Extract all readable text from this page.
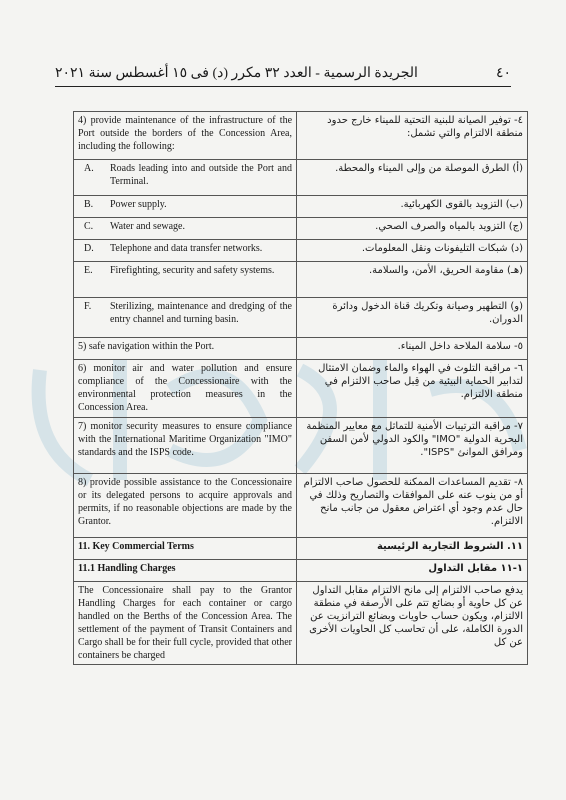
٤٠
الجريدة الرسمية - العدد ٣٢ مكرر (د) فى ١٥ أغسطس سنة ٢٠٢١
4) provide maintenance of the infrastructure of the Port outside the borders of the Concession Area, including the following:	٤- توفير الصيانة للبنية التحتية للميناء خارج حدود منطقة الالتزام والتي تشمل:

A. Roads leading into and outside the Port and Terminal.	(أ) الطرق الموصلة من وإلى الميناء والمحطة.

B. Power supply.	(ب) التزويد بالقوى الكهربائية.

C. Water and sewage.	(ج) التزويد بالمياه والصرف الصحي.

D. Telephone and data transfer networks.	(د) شبكات التليفونات ونقل المعلومات.

E. Firefighting, security and safety systems.	(هـ) مقاومة الحريق، الأمن، والسلامة.

F. Sterilizing, maintenance and dredging of the entry channel and turning basin.	(و) التطهير وصيانة وتكريك قناة الدخول ودائرة الدوران.
5) safe navigation within the Port.	٥- سلامة الملاحة داخل الميناء.
6) monitor air and water pollution and ensure compliance of the Concessionaire with the environmental protection measures in the Concession Area.	٦- مراقبة التلوث في الهواء والماء وضمان الامتثال لتدابير الحماية البيئية من قِبل صاحب الالتزام في منطقة الالتزام.
7) monitor security measures to ensure compliance with the International Maritime Organization "IMO" standards and the ISPS code.	٧- مراقبة الترتيبات الأمنية للتماثل مع معايير المنظمة البحرية الدولية "IMO" والكود الدولي لأمن السفن ومرافق الموانئ "ISPS".
8) provide possible assistance to the Concessionaire or its delegated persons to acquire approvals and permits, if no reasonable objections are made by the Grantor.	٨- تقديم المساعدات الممكنة للحصول صاحب الالتزام أو من ينوب عنه على الموافقات والتصاريح وذلك في حال عدم وجود أي اعتراض معقول من جانب مانح الالتزام.
11. Key Commercial Terms	١١. الشروط التجارية الرئيسية
11.1 Handling Charges	١-١١ مقابل التداول
The Concessionaire shall pay to the Grantor Handling Charges for each container or cargo handled on the Berths of the Concession Area. The settlement of the payment of Transit Containers and Cargo shall be for their full cycle, provided that other containers be charged	يدفع صاحب الالتزام إلى مانح الالتزام مقابل التداول عن كل حاوية أو بضائع تتم على الأرصفة في منطقة الالتزام، ويكون حساب حاويات وبضائع الترانزيت عن الدورة الكاملة، على أن تحاسب كل الحاويات الأخرى عن كل
